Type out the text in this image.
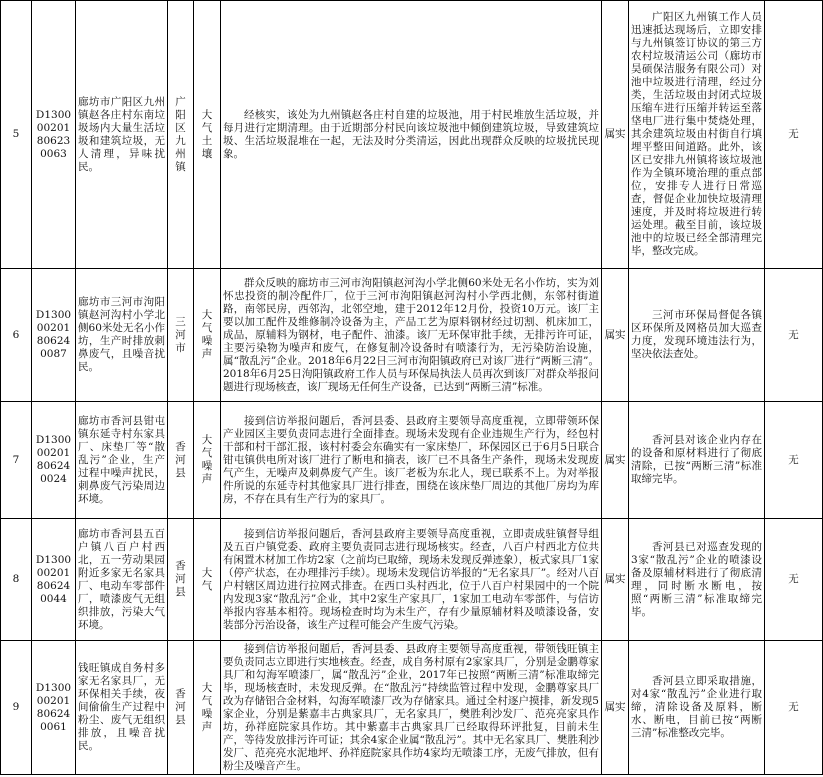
5	D130000201806230063	廊坊市广阳区九州镇赵各庄村东南垃圾场内大量生活垃圾和建筑垃圾，无人清理，异味扰民。	广阳区九州镇	大气土壤	经核实，该处为九州镇赵各庄村自建的垃圾池，用于村民堆放生活垃圾，并每月进行定期清理。由于近期部分村民向该垃圾池中倾倒建筑垃圾，导致建筑垃圾、生活垃圾混堆在一起，无法及时分类清运，因此出现群众反映的垃圾扰民现象。	属实	广阳区九州镇工作人员迅速抵达现场后，立即安排与九州镇签订协议的第三方农村垃圾清运公司（廊坊市昊硕保洁服务有限公司）对池中垃圾进行清理，经过分类，生活垃圾由封闭式垃圾压缩车进行压缩并转运至落垡电厂进行集中焚烧处理，其余建筑垃圾由村街自行填埋平整田间道路。此外，该区已安排九州镇将该垃圾池作为全镇环境治理的重点部位，安排专人进行日常巡查，督促企业加快垃圾清理速度，并及时将垃圾进行转运处理。截至目前，该垃圾池中的垃圾已经全部清理完毕，整改完成。	无
6	D130000201806240087	廊坊市三河市泃阳镇赵河沟村小学北侧60米处无名小作坊，生产时排放刺鼻废气，且噪音扰民。	三河市	大气噪声	群众反映的廊坊市三河市泃阳镇赵河沟小学北侧60米处无名小作坊，实为刘怀忠投资的制冷配件厂，位于三河市泃阳镇赵河沟村小学西北侧，东邻村街道路，南邻民房，西邻沟，北邻空地，建于2012年12月份，投资10万元。该厂主要以加工配件及维修制冷设备为主，产品工艺为原料钢材经过切割、机床加工，成品，原辅料为钢材，电子配件、油漆。该厂无环保审批手续，无排污许可证，主要污染物为噪声和废气，在修复制冷设备时有喷漆行为，无污染防治设施，属“散乱污”企业。2018年6月22日三河市泃阳镇政府已对该厂进行“两断三清”。2018年6月25日泃阳镇政府工作人员与环保局执法人员再次到该厂对群众举报问题进行现场核查，该厂现场无任何生产设备，已达到“两断三清”标准。	属实	三河市环保局督促各镇区环保所及网格员加大巡查力度，发现环境违法行为，坚决依法查处。	无
7	D130000201806240024	廊坊市香河县钳屯镇东延寺村东家具厂、床垫厂等“散乱污”企业，生产过程中噪声扰民，刺鼻废气污染周边环境。	香河县	大气噪声	接到信访举报问题后，香河县委、县政府主要领导高度重视，立即带领环保产业园区主要负责同志进行全面排查。现场未发现有企业违规生产行为，经包村干部和村干部汇报，该村村委会东确实有一家床垫厂，环保园区已于6月5日联合钳屯镇供电所对该厂进行了断电和摘表，该厂已不具备生产条件，现场未发现废气产生，无噪声及刺鼻废气产生。该厂老板为东北人，现已联系不上。为对举报件所说的东延寺村其他家具厂进行排查，围绕在该床垫厂周边的其他厂房均为库房，不存在具有生产行为的家具厂。	属实	香河县对该企业内存在的设备和原材料进行了彻底清除，已按“两断三清”标准取缔完毕。	无
8	D130000201806240044	廊坊市香河县五百户镇八百户村西北，五一劳动果园附近多家无名家具厂、电动车零部件厂，喷漆废气无组织排放，污染大气环境。	香河县	大气	接到信访举报问题后，香河县政府主要领导高度重视，立即责成驻镇督导组及五百户镇党委、政府主要负责同志进行现场核实。经查，八百户村西北方位共有闲置木材加工作坊2家（之前均已取缔，现场未发现反弹迹象），板式家具厂1家（停产状态，在办理排污手续）。现场未发现信访举报的“无名家具厂”。经对八百户村辖区周边进行拉网式排查。在西口头村西北，位于八百户村果园中的一个院内发现3家“散乱污”企业，其中2家生产家具厂，1家加工电动车零部件，与信访举报内容基本相符。现场检查时均为未生产，存有少量原辅材料及喷漆设备，安装部分污治设备，该生产过程可能会产生废气污染。	属实	香河县已对巡查发现的3家“散乱污”企业的喷漆设备及原辅材料进行了彻底清理，同时断水断电，按照“两断三清”标准取缔完毕。	无
9	D130000201806240061	钱旺镇成自务村多家无名家具厂，无环保相关手续，夜间偷偷生产过程中粉尘、废气无组织排放，且噪音扰民。	香河县	大气噪声	接到信访举报问题后，香河县委、县政府主要领导高度重视，带领钱旺镇主要负责同志立即进行实地核查。经查，成自务村原有2家家具厂，分别是金鹏尊家具厂和勾海军喷漆厂，属“散乱污”企业，2017年已按照“两断三清”标准取缔完毕，现场核查时，未发现反弹。在“散乱污”持续监管过程中发现，金鹏尊家具厂改为存储铝合金材料，勾海军喷漆厂改为存储家具。通过全村逐户摸排，新发现5家企业，分别是紫嘉丰古典家具厂，无名家具厂，樊胜利沙发厂、范亮亮家具作坊，孙祥庭院家具作坊。其中紫嘉丰古典家具厂已经取得环评批复，目前未生产，等待发放排污许可证；其余4家企业属“散乱污”。其中无名家具厂、樊胜利沙发厂、范亮亮水泥地坪、孙祥庭院家具作坊4家均无喷漆工序，无废气排放，但有粉尘及噪音产生。	属实	香河县立即采取措施，对4家“散乱污”企业进行取缔，清除设备及原料，断水、断电，目前已按“两断三清”标准整改完毕。	无
